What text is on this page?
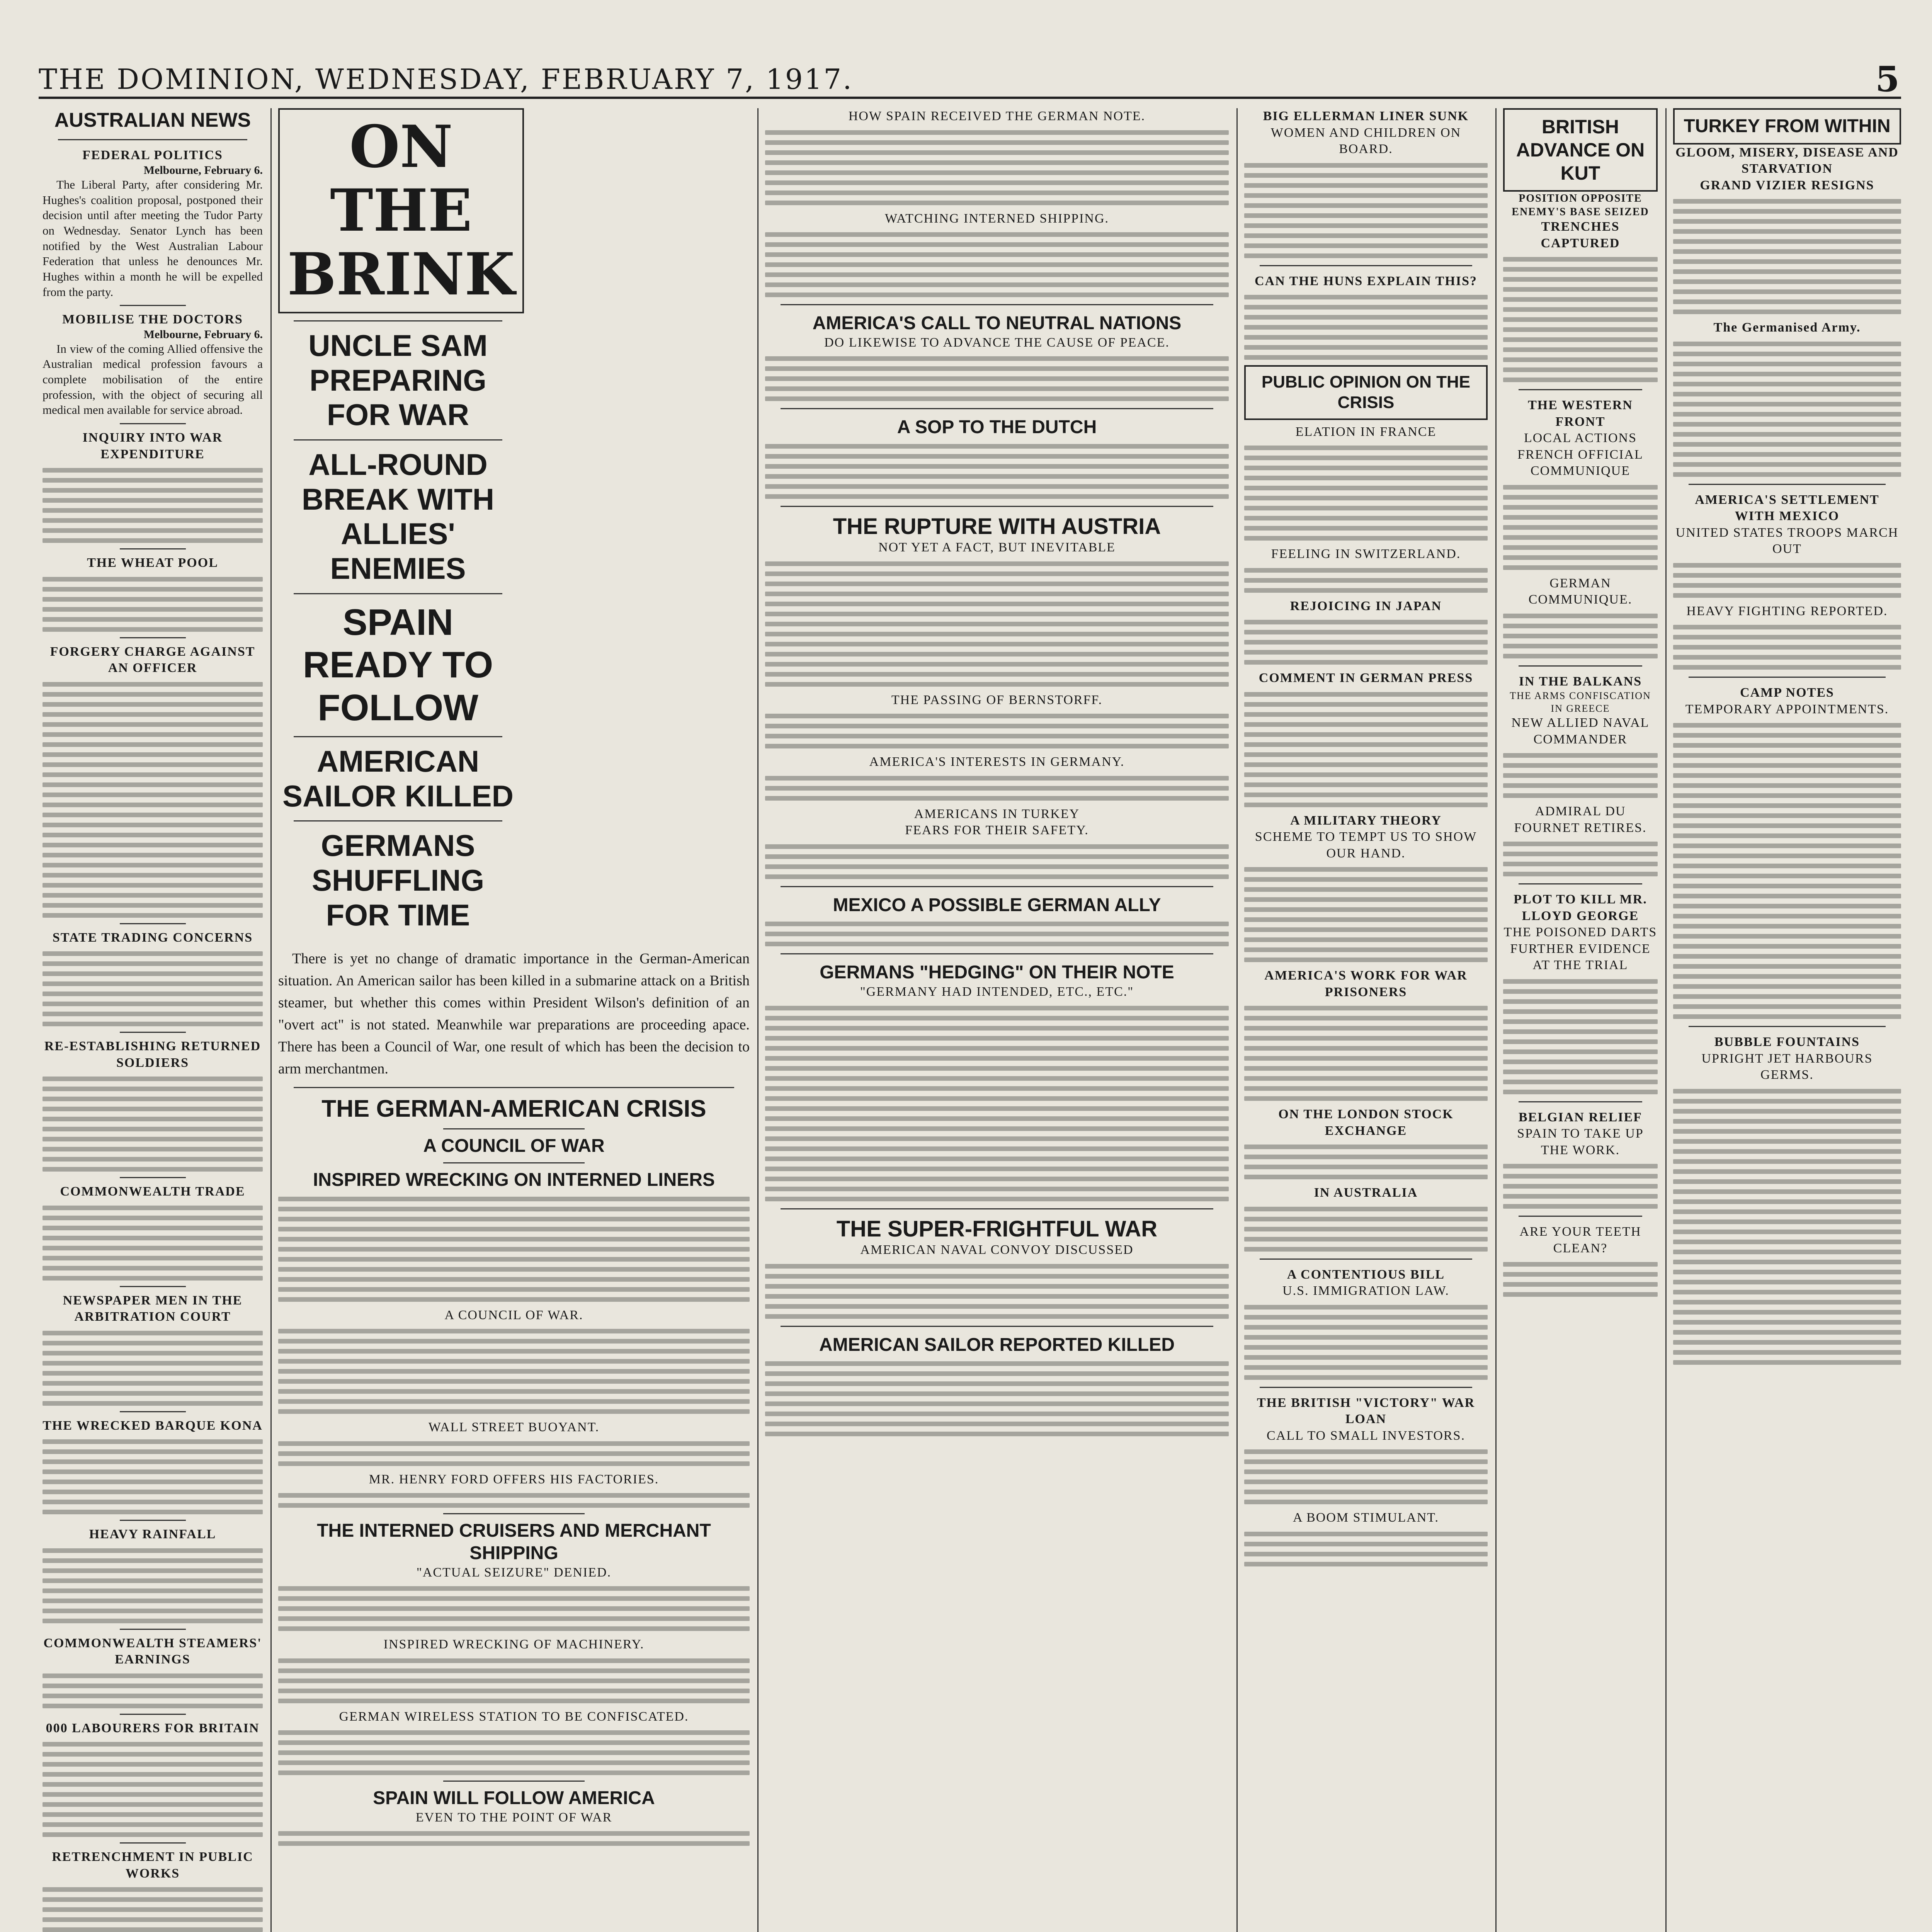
THE DOMINION, WEDNESDAY, FEBRUARY 7, 1917.	5
AUSTRALIAN NEWS
FEDERAL POLITICS
Melbourne, February 6.
The Liberal Party, after considering Mr. Hughes's coalition proposal, postponed their decision until after meeting the Tudor Party on Wednesday. Senator Lynch has been notified by the West Australian Labour Federation that unless he denounces Mr. Hughes within a month he will be expelled from the party.
MOBILISE THE DOCTORS
Melbourne, February 6.
In view of the coming Allied offensive the Australian medical profession favours a complete mobilisation of the entire profession, with the object of securing all medical men available for service abroad.
INQUIRY INTO WAR EXPENDITURE
THE WHEAT POOL
FORGERY CHARGE AGAINST AN OFFICER
STATE TRADING CONCERNS
RE-ESTABLISHING RETURNED SOLDIERS
COMMONWEALTH TRADE
NEWSPAPER MEN IN THE ARBITRATION COURT
THE WRECKED BARQUE KONA
HEAVY RAINFALL
COMMONWEALTH STEAMERS' EARNINGS
000 LABOURERS FOR BRITAIN
RETRENCHMENT IN PUBLIC WORKS
ON THE BRINK
UNCLE SAM PREPARING FOR WAR
ALL-ROUND BREAK WITH ALLIES' ENEMIES
SPAIN READY TO FOLLOW
AMERICAN SAILOR KILLED
GERMANS SHUFFLING FOR TIME
There is yet no change of dramatic importance in the German-American situation. An American sailor has been killed in a submarine attack on a British steamer, but whether this comes within President Wilson's definition of an "overt act" is not stated. Meanwhile war preparations are proceeding apace. There has been a Council of War, one result of which has been the decision to arm merchantmen.
THE GERMAN-AMERICAN CRISIS
A COUNCIL OF WAR
INSPIRED WRECKING ON INTERNED LINERS
A COUNCIL OF WAR.
WALL STREET BUOYANT.
MR. HENRY FORD OFFERS HIS FACTORIES.
THE INTERNED CRUISERS AND MERCHANT SHIPPING
"ACTUAL SEIZURE" DENIED.
INSPIRED WRECKING OF MACHINERY.
GERMAN WIRELESS STATION TO BE CONFISCATED.
SPAIN WILL FOLLOW AMERICA
EVEN TO THE POINT OF WAR
HOW SPAIN RECEIVED THE GERMAN NOTE.
WATCHING INTERNED SHIPPING.
AMERICA'S CALL TO NEUTRAL NATIONS
DO LIKEWISE TO ADVANCE THE CAUSE OF PEACE.
A SOP TO THE DUTCH
THE RUPTURE WITH AUSTRIA
NOT YET A FACT, BUT INEVITABLE
THE PASSING OF BERNSTORFF.
AMERICA'S INTERESTS IN GERMANY.
AMERICANS IN TURKEY
FEARS FOR THEIR SAFETY.
MEXICO A POSSIBLE GERMAN ALLY
GERMANS "HEDGING" ON THEIR NOTE
"GERMANY HAD INTENDED, ETC., ETC."
THE SUPER-FRIGHTFUL WAR
AMERICAN NAVAL CONVOY DISCUSSED
AMERICAN SAILOR REPORTED KILLED
BIG ELLERMAN LINER SUNK
WOMEN AND CHILDREN ON BOARD.
CAN THE HUNS EXPLAIN THIS?
PUBLIC OPINION ON THE CRISIS
ELATION IN FRANCE
FEELING IN SWITZERLAND.
REJOICING IN JAPAN
COMMENT IN GERMAN PRESS
A MILITARY THEORY
SCHEME TO TEMPT US TO SHOW OUR HAND.
AMERICA'S WORK FOR WAR PRISONERS
ON THE LONDON STOCK EXCHANGE
IN AUSTRALIA
A CONTENTIOUS BILL
U.S. IMMIGRATION LAW.
THE BRITISH "VICTORY" WAR LOAN
CALL TO SMALL INVESTORS.
A BOOM STIMULANT.
BRITISH ADVANCE ON KUT
POSITION OPPOSITE ENEMY'S BASE SEIZED
TRENCHES CAPTURED
THE WESTERN FRONT
LOCAL ACTIONS
FRENCH OFFICIAL COMMUNIQUE
GERMAN COMMUNIQUE.
IN THE BALKANS
THE ARMS CONFISCATION IN GREECE
NEW ALLIED NAVAL COMMANDER
ADMIRAL DU FOURNET RETIRES.
PLOT TO KILL MR. LLOYD GEORGE
THE POISONED DARTS
FURTHER EVIDENCE AT THE TRIAL
BELGIAN RELIEF
SPAIN TO TAKE UP THE WORK.
ARE YOUR TEETH CLEAN?
TURKEY FROM WITHIN
GLOOM, MISERY, DISEASE AND STARVATION
GRAND VIZIER RESIGNS
The Germanised Army.
AMERICA'S SETTLEMENT WITH MEXICO
UNITED STATES TROOPS MARCH OUT
HEAVY FIGHTING REPORTED.
CAMP NOTES
TEMPORARY APPOINTMENTS.
BUBBLE FOUNTAINS
UPRIGHT JET HARBOURS GERMS.
